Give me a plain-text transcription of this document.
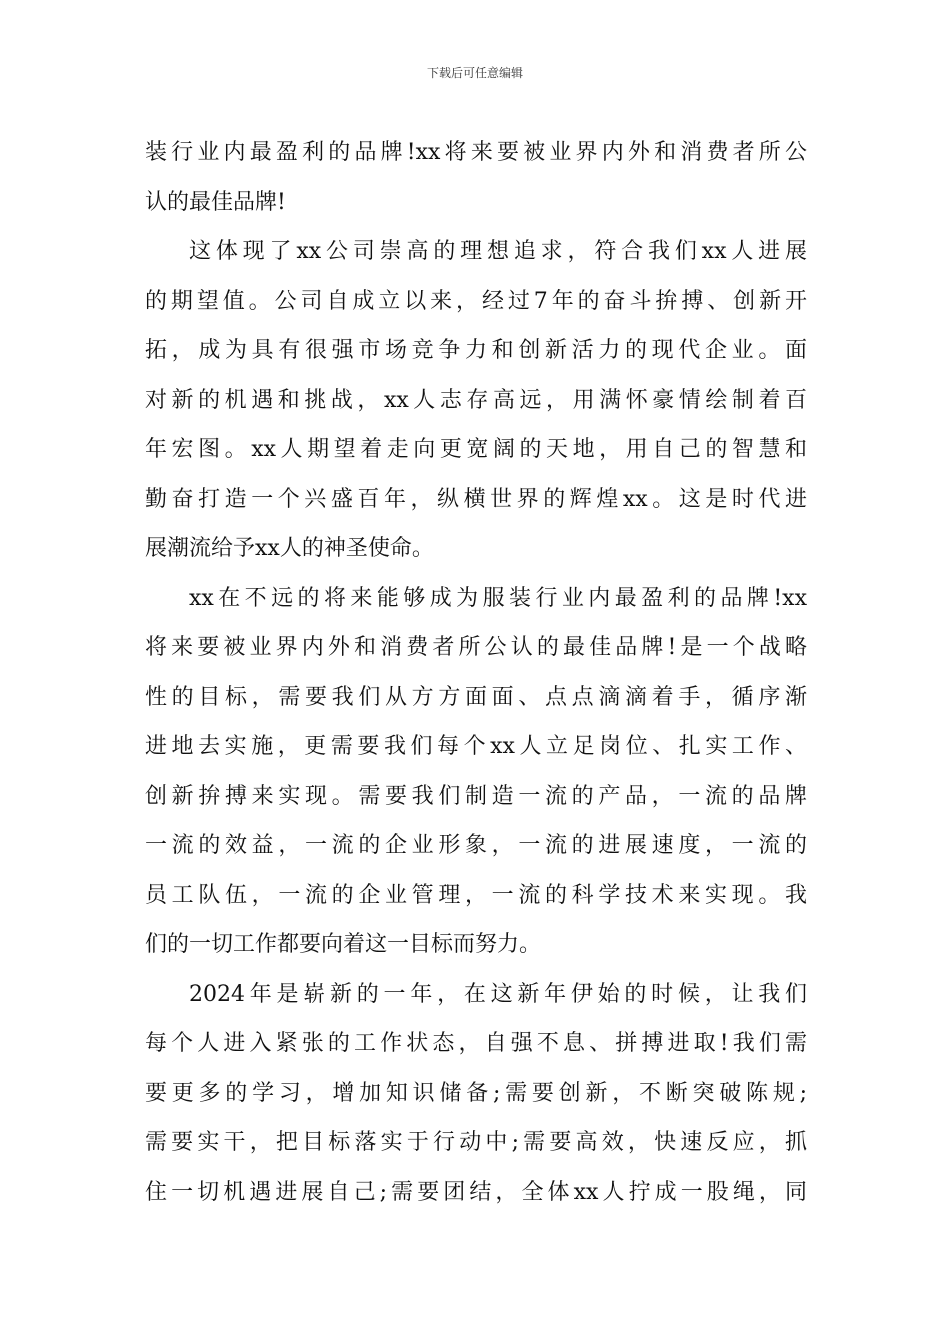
下载后可任意编辑
装行业内最盈利的品牌!xx将来要被业界内外和消费者所公
认的最佳品牌!
这体现了xx公司崇高的理想追求，符合我们xx人进展
的期望值。公司自成立以来，经过7年的奋斗拚搏、创新开
拓，成为具有很强市场竞争力和创新活力的现代企业。面
对新的机遇和挑战，xx人志存高远，用满怀豪情绘制着百
年宏图。xx人期望着走向更宽阔的天地，用自己的智慧和
勤奋打造一个兴盛百年，纵横世界的辉煌xx。这是时代进
展潮流给予xx人的神圣使命。
xx在不远的将来能够成为服装行业内最盈利的品牌!xx
将来要被业界内外和消费者所公认的最佳品牌!是一个战略
性的目标，需要我们从方方面面、点点滴滴着手，循序渐
进地去实施，更需要我们每个xx人立足岗位、扎实工作、
创新拚搏来实现。需要我们制造一流的产品，一流的品牌
一流的效益，一流的企业形象，一流的进展速度，一流的
员工队伍，一流的企业管理，一流的科学技术来实现。我
们的一切工作都要向着这一目标而努力。
2024年是崭新的一年，在这新年伊始的时候，让我们
每个人进入紧张的工作状态，自强不息、拼搏进取!我们需
要更多的学习，增加知识储备;需要创新，不断突破陈规;
需要实干，把目标落实于行动中;需要高效，快速反应，抓
住一切机遇进展自己;需要团结，全体xx人拧成一股绳，同
